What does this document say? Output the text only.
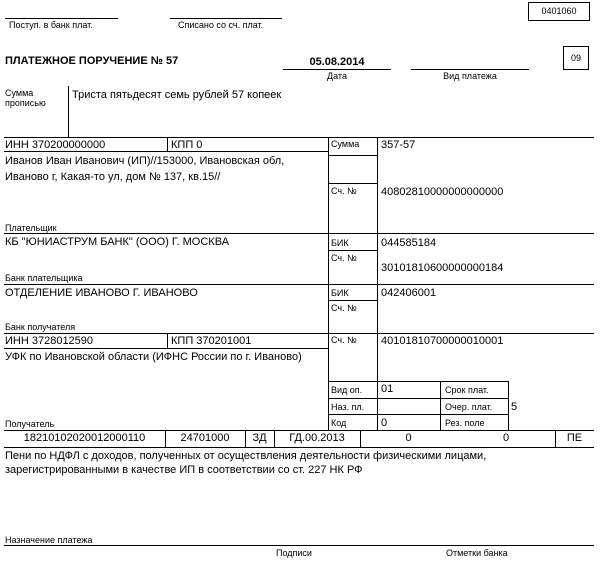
0401060
Поступ. в банк плат.	Списано со сч. плат.
ПЛАТЕЖНОЕ ПОРУЧЕНИЕ № 57	05.08.2014
Дата	Вид платежа
09
Сумма
прописью
Триста пятьдесят семь рублей 57 копеек
ИНН 370200000000	КПП 0	Сумма 357-57
Иванов Иван Иванович (ИП)//153000, Ивановская обл,
Иваново г, Какая-то ул, дом № 137, кв.15//
Сч. № 40802810000000000000
Плательщик
КБ "ЮНИАСТРУМ БАНК" (ООО) Г. МОСКВА	БИК	044585184
Сч. №
30101810600000000184
Банк плательщика
ОТДЕЛЕНИЕ ИВАНОВО Г. ИВАНОВО	БИК	042406001
Сч. №
Банк получателя
ИНН 3728012590	КПП 370201001	Сч. № 40101810700000010001
УФК по Ивановской области (ИФНС России по г. Иваново)
Получатель
Вид оп. 01	Срок плат.
Наз. пл.	Очер. плат. 5
Код	0	Рез. поле
18210102020012000110	24701000	ЗД	ГД.00.2013	0	0	ПЕ
Пени по НДФЛ с доходов, полученных от осуществления деятельности физическими лицами,
зарегистрированными в качестве ИП в соответствии со ст. 227 НК РФ
Назначение платежа
Подписи	Отметки банка
